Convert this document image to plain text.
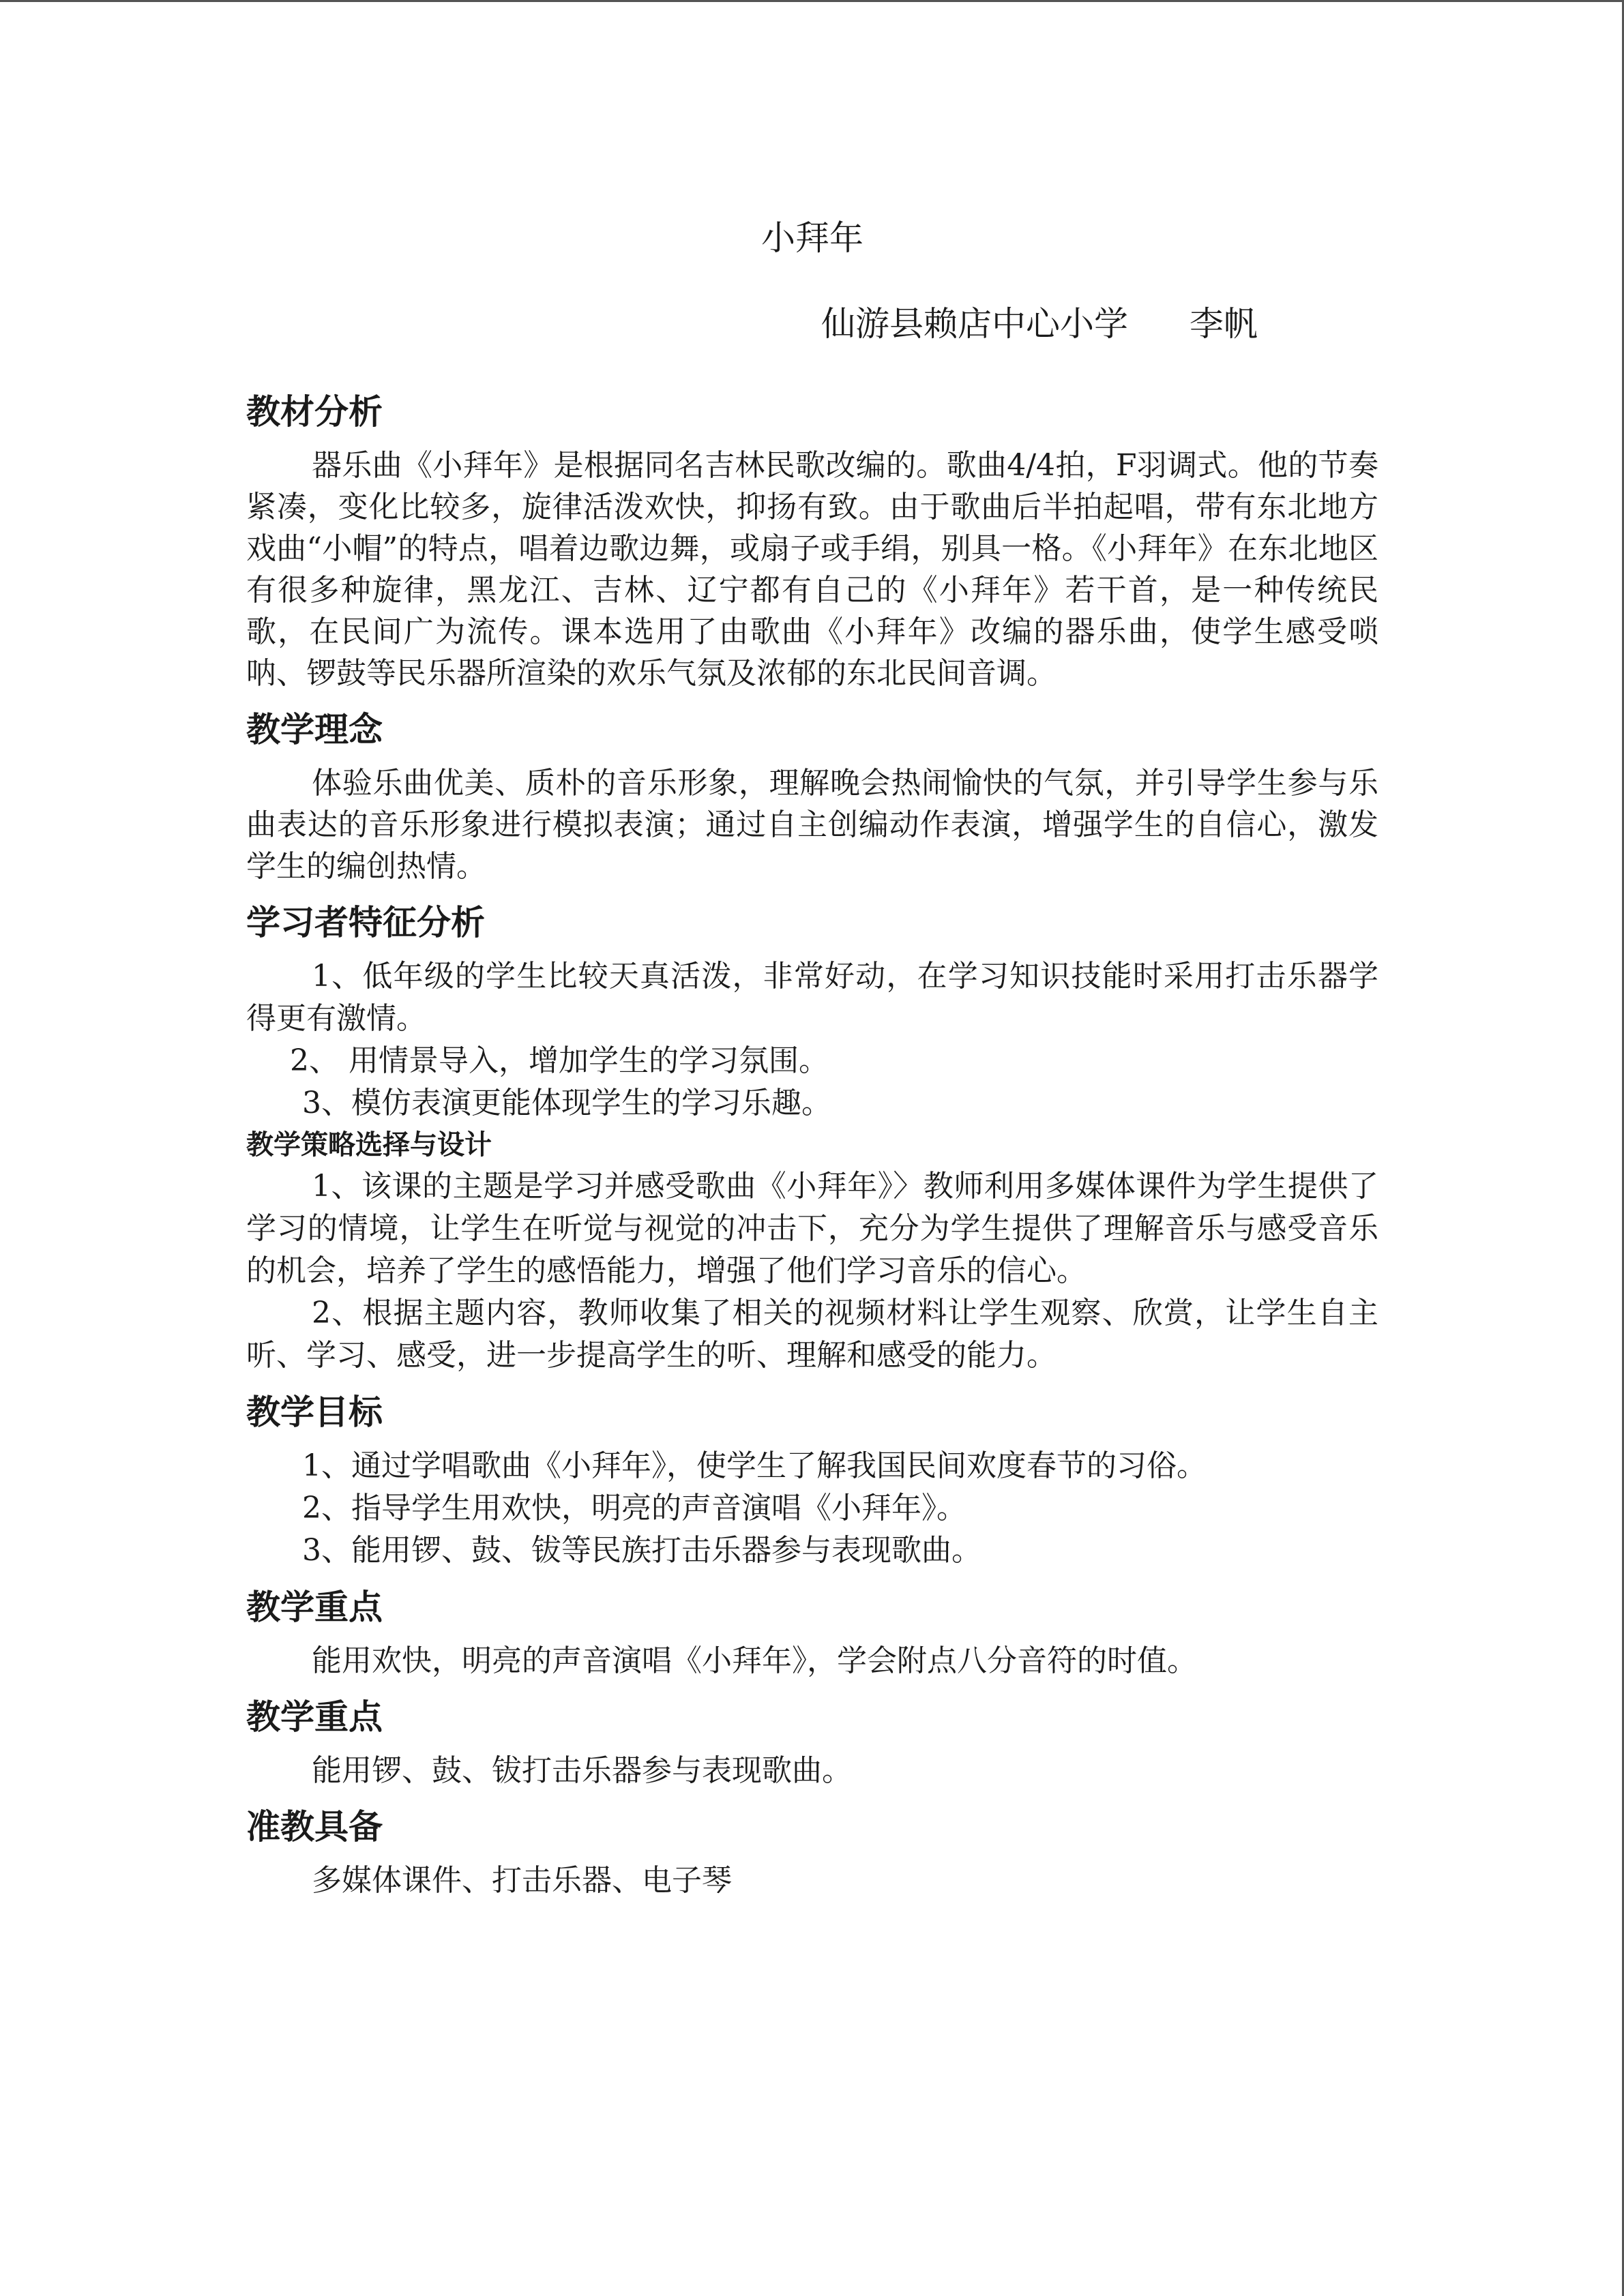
小拜年
仙游县赖店中心小学 李帆
教材分析

器乐曲《小拜年》是根据同名吉林民歌改编的。歌曲4/4拍，F羽调式。他的节奏紧凑，变化比较多，旋律活泼欢快，抑扬有致。由于歌曲后半拍起唱，带有东北地方戏曲“小帽”的特点，唱着边歌边舞，或扇子或手绢，别具一格。《小拜年》在东北地区有很多种旋律，黑龙江、吉林、辽宁都有自己的《小拜年》若干首，是一种传统民歌，在民间广为流传。课本选用了由歌曲《小拜年》改编的器乐曲，使学生感受唢呐、锣鼓等民乐器所渲染的欢乐气氛及浓郁的东北民间音调。

教学理念

体验乐曲优美、质朴的音乐形象，理解晚会热闹愉快的气氛，并引导学生参与乐曲表达的音乐形象进行模拟表演；通过自主创编动作表演，增强学生的自信心，激发学生的编创热情。

学习者特征分析

1、低年级的学生比较天真活泼，非常好动，在学习知识技能时采用打击乐器学得更有激情。

2、 用情景导入，增加学生的学习氛围。

3、模仿表演更能体现学生的学习乐趣。

教学策略选择与设计

1、该课的主题是学习并感受歌曲《小拜年》〉教师利用多媒体课件为学生提供了学习的情境，让学生在听觉与视觉的冲击下，充分为学生提供了理解音乐与感受音乐的机会，培养了学生的感悟能力，增强了他们学习音乐的信心。

2、根据主题内容，教师收集了相关的视频材料让学生观察、欣赏，让学生自主听、学习、感受，进一步提高学生的听、理解和感受的能力。

教学目标

1、通过学唱歌曲《小拜年》，使学生了解我国民间欢度春节的习俗。

2、指导学生用欢快，明亮的声音演唱《小拜年》。

3、能用锣、鼓、钹等民族打击乐器参与表现歌曲。

教学重点

能用欢快，明亮的声音演唱《小拜年》，学会附点八分音符的时值。

教学重点

能用锣、鼓、钹打击乐器参与表现歌曲。

准教具备

多媒体课件、打击乐器、电子琴
